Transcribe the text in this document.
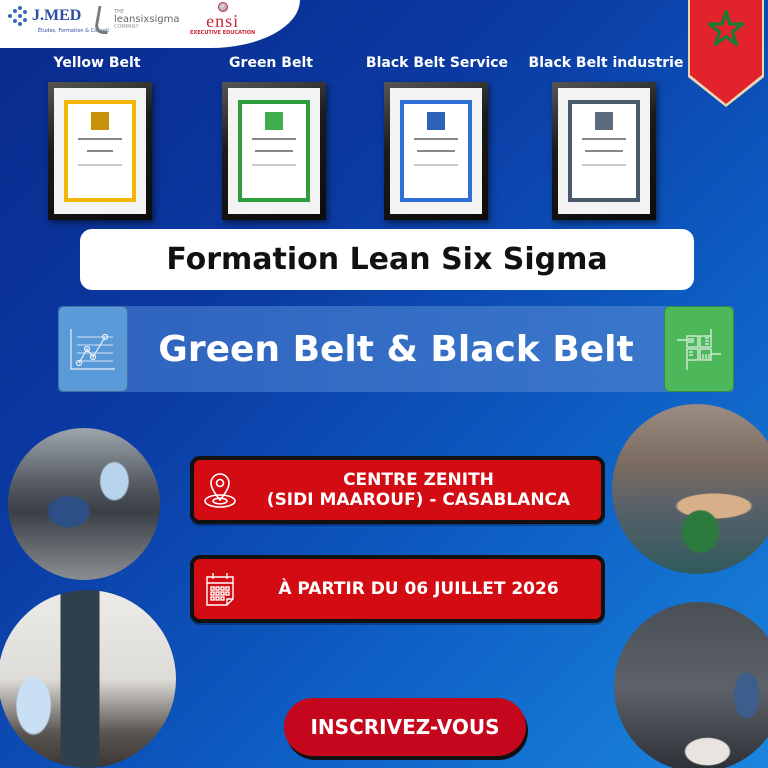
J.MED
Études, Formation & Conseil
THE
leansixsigma
COMPANY	ensi
EXECUTIVE EDUCATION
Yellow Belt	Green Belt	Black Belt Service Black Belt industrie
Formation Lean Six Sigma
Green Belt & Black Belt
CENTRE ZENITH
(SIDI MAAROUF) - CASABLANCA
À PARTIR DU 06 JUILLET 2026
INSCRIVEZ-VOUS
